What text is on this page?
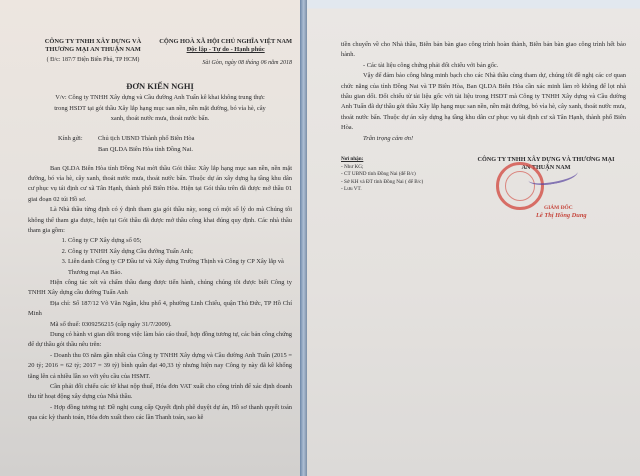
CÔNG TY TNHH XÂY DỰNG VÀ
THƯƠNG MẠI AN THUẬN NAM
( Đ/c: 187/7 Điện Biên Phủ, TP HCM)
CỘNG HOÀ XÃ HỘI CHỦ NGHĨA VIỆT NAM
Độc lập - Tự do - Hạnh phúc
Sài Gòn, ngày 08 tháng 06 năm 2018
ĐƠN KIẾN NGHỊ
V/v: Công ty TNHH Xây dựng và Cầu đường Anh Tuấn kê khai không trung thực trong HSDT tại gói thầu Xây lắp hạng mục san nền, nền mặt đường, bó vỉa hè, cây xanh, thoát nước mưa, thoát nước bẩn.
Kính gửi:	Chủ tịch UBND Thành phố Biên Hòa
Ban QLDA Biên Hòa tỉnh Đồng Nai.

Ban QLDA Biên Hòa tỉnh Đồng Nai mời thầu Gói thầu: Xây lắp hạng mục san nền, nền mặt đường, bó vỉa hè, cây xanh, thoát nước mưa, thoát nước bẩn. Thuộc dự án xây dựng hạ tầng khu dân cư phục vụ tái định cư xã Tân Hạnh, thành phố Biên Hòa. Hiện tại Gói thầu trên đã được mở thầu 01 giai đoạn 02 túi Hồ sơ.

Là Nhà thầu từng định có ý định tham gia gói thầu này, song có một số lý do mà Chúng tôi không thể tham gia được, hiện tại Gói thầu đã được mở thầu công khai đúng quy định. Các nhà thầu tham gia gồm:

1. Công ty CP Xây dựng số 05;
2. Công ty TNHH Xây dựng Cầu đường Tuấn Anh;
3. Liên danh Công ty CP Đầu tư và Xây dựng Trường Thịnh và Công ty CP Xây lắp và Thương mại An Bảo.

Hiện công tác xét và chấm thầu đang được tiến hành, chúng chúng tôi được biết Công ty TNHH Xây dựng cầu đường Tuấn Anh

Địa chỉ: Số 187/12 Võ Văn Ngân, khu phố 4, phường Linh Chiểu, quận Thủ Đức, TP Hồ Chí Minh

Mã số thuế: 0309256215 (cấp ngày 31/7/2009).

Dung có hành vi gian dối trong việc làm báo cáo thuế, hợp đồng tương tự, các bản công chứng để dự thầu gói thầu nêu trên:

- Doanh thu 03 năm gần nhất của Công ty TNHH Xây dựng và Cầu đường Anh Tuấn (2015 = 20 tỷ; 2016 = 62 tỷ; 2017 = 39 tỷ) bình quân đạt 40,33 tỷ nhưng hiện nay Công ty này đã kê khống tăng lên cả nhiều lần so với yêu cầu của HSMT.

Cần phải đối chiếu các tờ khai nộp thuế, Hóa đơn VAT xuất cho công trình để xác định doanh thu từ hoạt động xây dựng của Nhà thầu.

- Hợp đồng tương tự: Đề nghị cung cấp Quyết định phê duyệt dự án, Hồ sơ thanh quyết toán qua các kỳ thanh toán, Hóa đơn xuất theo các lần Thanh toán, sao kê

tiền chuyển về cho Nhà thầu, Biên bản bàn giao công trình hoàn thành, Biên bản bàn giao công trình hết bảo hành.

- Các tài liệu công chứng phải đối chiếu với bản gốc.

Vậy để đảm bảo công bằng minh bạch cho các Nhà thầu cùng tham dự, chúng tôi đề nghị các cơ quan chức năng của tỉnh Đồng Nai và TP Biên Hòa, Ban QLDA Biên Hòa cần xác minh làm rõ không để lọt nhà thầu gian dối. Đối chiếu từ tài liệu gốc với tài liệu trong HSDT mà Công ty TNHH Xây dựng và Cầu đường Anh Tuấn đã dự thầu gói thầu Xây lắp hạng mục san nền, nền mặt đường, bó vỉa hè, cây xanh, thoát nước mưa, thoát nước bẩn. Thuộc dự án xây dựng hạ tầng khu dân cư phục vụ tái định cư xã Tân Hạnh, thành phố Biên Hòa.

Trân trọng cảm ơn!

Nơi nhận:
- Như KG;
- CT UBND tỉnh Đồng Nai (để B/c)
- Sở KH và ĐT tỉnh Đồng Nai ( để B/c)
- Lưu VT.
CÔNG TY TNHH XÂY DỰNG VÀ THƯƠNG MẠI
AN THUẬN NAM
GIÁM ĐỐC
Lê Thị Hồng Dung
